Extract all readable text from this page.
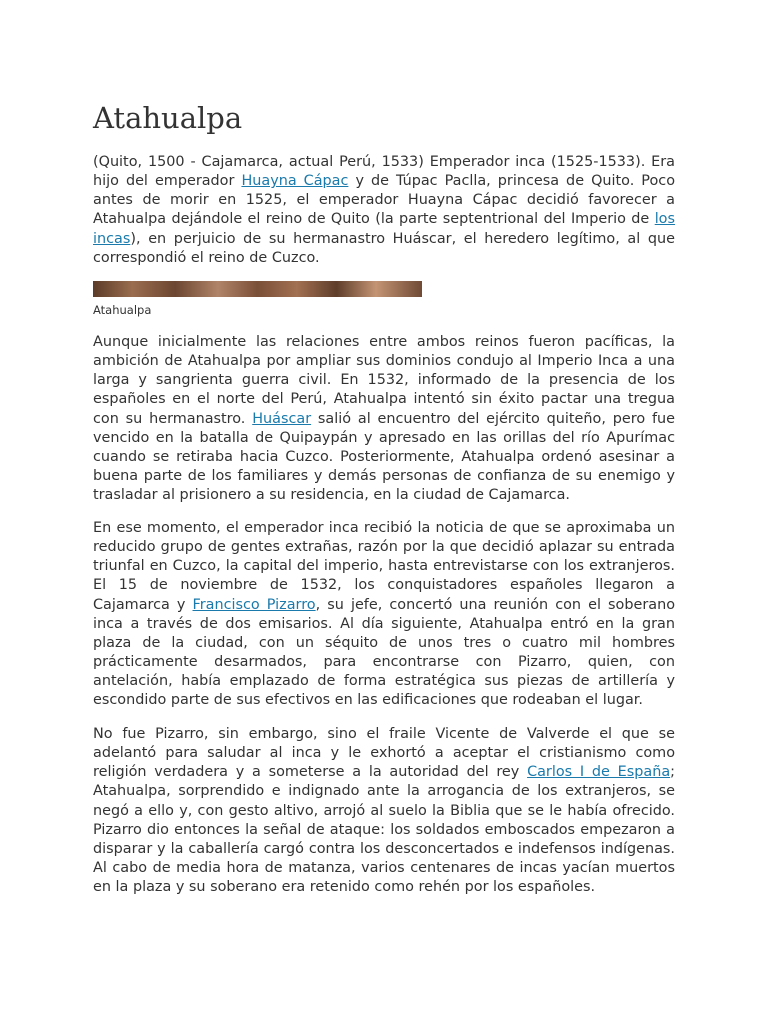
Atahualpa

(Quito, 1500 - Cajamarca, actual Perú, 1533) Emperador inca (1525-1533). Era hijo del emperador Huayna Cápac y de Túpac Paclla, princesa de Quito. Poco antes de morir en 1525, el emperador Huayna Cápac decidió favorecer a Atahualpa dejándole el reino de Quito (la parte septentrional del Imperio de los incas), en perjuicio de su hermanastro Huáscar, el heredero legítimo, al que correspondió el reino de Cuzco.

Atahualpa

Aunque inicialmente las relaciones entre ambos reinos fueron pacíficas, la ambición de Atahualpa por ampliar sus dominios condujo al Imperio Inca a una larga y sangrienta guerra civil. En 1532, informado de la presencia de los españoles en el norte del Perú, Atahualpa intentó sin éxito pactar una tregua con su hermanastro. Huáscar salió al encuentro del ejército quiteño, pero fue vencido en la batalla de Quipaypán y apresado en las orillas del río Apurímac cuando se retiraba hacia Cuzco. Posteriormente, Atahualpa ordenó asesinar a buena parte de los familiares y demás personas de confianza de su enemigo y trasladar al prisionero a su residencia, en la ciudad de Cajamarca.

En ese momento, el emperador inca recibió la noticia de que se aproximaba un reducido grupo de gentes extrañas, razón por la que decidió aplazar su entrada triunfal en Cuzco, la capital del imperio, hasta entrevistarse con los extranjeros. El 15 de noviembre de 1532, los conquistadores españoles llegaron a Cajamarca y Francisco Pizarro, su jefe, concertó una reunión con el soberano inca a través de dos emisarios. Al día siguiente, Atahualpa entró en la gran plaza de la ciudad, con un séquito de unos tres o cuatro mil hombres prácticamente desarmados, para encontrarse con Pizarro, quien, con antelación, había emplazado de forma estratégica sus piezas de artillería y escondido parte de sus efectivos en las edificaciones que rodeaban el lugar.

No fue Pizarro, sin embargo, sino el fraile Vicente de Valverde el que se adelantó para saludar al inca y le exhortó a aceptar el cristianismo como religión verdadera y a someterse a la autoridad del rey Carlos I de España; Atahualpa, sorprendido e indignado ante la arrogancia de los extranjeros, se negó a ello y, con gesto altivo, arrojó al suelo la Biblia que se le había ofrecido. Pizarro dio entonces la señal de ataque: los soldados emboscados empezaron a disparar y la caballería cargó contra los desconcertados e indefensos indígenas. Al cabo de media hora de matanza, varios centenares de incas yacían muertos en la plaza y su soberano era retenido como rehén por los españoles.
